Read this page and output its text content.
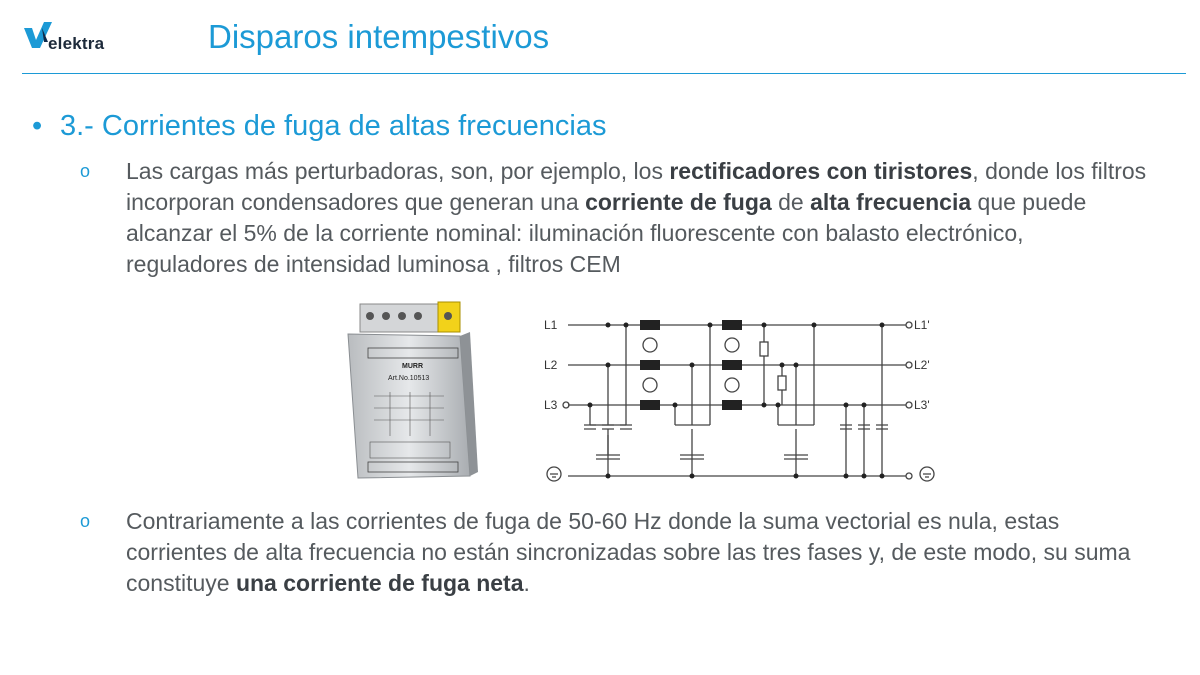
elektra	Disparos intempestivos
• 3.- Corrientes de fuga de altas frecuencias
o Las cargas más perturbadoras, son, por ejemplo, los rectificadores con tiristores, donde los filtros incorporan condensadores que generan una corriente de fuga de alta frecuencia que puede alcanzar el 5% de la corriente nominal: iluminación fluorescente con balasto electrónico, reguladores de intensidad luminosa , filtros CEM
MURR
Art.No.10513
L1
L2
L3
L1'
L2'
L3'
o Contrariamente a las corrientes de fuga de 50-60 Hz donde la suma vectorial es nula, estas corrientes de alta frecuencia no están sincronizadas sobre las tres fases y, de este modo, su suma constituye una corriente de fuga neta.
